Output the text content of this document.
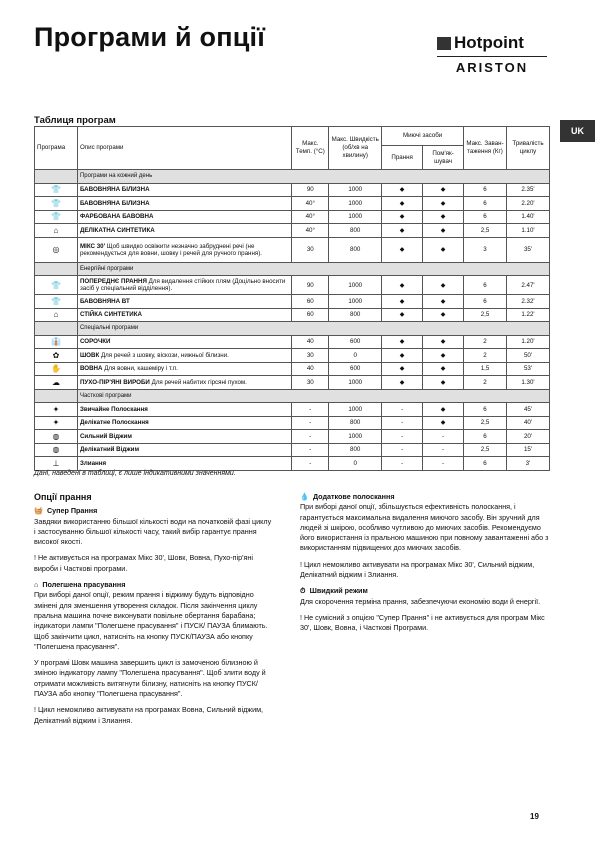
Програми й опції	Hotpoint
ARISTON
UK
Таблиця програм
Програма	Опис програми	Макс. Темп. (°C)	Макс. Швидкість (об/хв на хвилину)	Миючі засоби		Макс. Заван-таження (Кг)	Тривалість циклу
				Прання	Пом'як-шувач		
	Програми на кожний день						
👕	БАВОВНЯНА БІЛИЗНА	90	1000	◆	◆	6	2.35'
👕	БАВОВНЯНА БІЛИЗНА	40°	1000	◆	◆	6	2.20'
👕	ФАРБОВАНА БАВОВНА	40°	1000	◆	◆	6	1.40'
⌂	ДЕЛІКАТНА СИНТЕТИКА	40°	800	◆	◆	2,5	1.10'
◎	МІКС 30' Щоб швидко освіжити незначно забруднені речі (не рекомендується для вовни, шовку і речей для ручного прання).	30	800	◆	◆	3	35'
	Енергійні програми						
👕	ПОПЕРЕДНЄ ПРАННЯ Для видалення стійких плям (Доцільно вносити засіб у спеціальний відділення).	90	1000	◆	◆	6	2.47'
👕	БАВОВНЯНА ВТ	60	1000	◆	◆	6	2.32'
⌂	СТІЙКА СИНТЕТИКА	60	800	◆	◆	2,5	1.22'
	Спеціальні програми						
👔	СОРОЧКИ	40	600	◆	◆	2	1.20'
✿	ШОВК Для речей з шовку, віскози, нижньої білизни.	30	0	◆	◆	2	50'
✋	ВОВНА Для вовни, кашеміру і т.п.	40	600	◆	◆	1,5	53'
☁	ПУХО-ПІР'ЯНІ ВИРОБИ Для речей набитих гірсяні пухом.	30	1000	◆	◆	2	1.30'
	Часткові програми						
✦	Звичайне Полоскання	-	1000	-	◆	6	45'
✦	Делікатне Полоскання	-	800	-	◆	2,5	40'
◍	Сильний Віджим	-	1000	-	-	6	20'
◍	Делікатний Віджим	-	800	-	-	2,5	15'
⊥	Злиання	-	0	-	-	6	3'
Дані, наведені в таблиці, є лише індикативними значеннями.
Опції прання
🧺 Супер Прання

Завдяки використанню більшої кількості води на початковій фазі циклу і застосуванню більшої кількості часу, такий вибір гарантує прання високої якості.

! Не активується на програмах Мікс 30', Шовк, Вовна, Пухо-пір'яні вироби і Часткові програми.

⌂ Полегшена прасування

При виборі даної опції, режим прання і віджиму будуть відповідно змінені для зменшення утворення складок. Після закінчення циклу пральна машина почне виконувати повільне обертання барабана; індикатори лампи "Полегшене прасування" і ПУСК/ ПАУЗА блимають. Щоб закінчити цикл, натисніть на кнопку ПУСК/ПАУЗА або кнопку "Полегшена прасування".

У програмі Шовк машина завершить цикл із замоченою білизною й зміною індикатору лампу "Полегшена прасування". Щоб злити воду й отримати можливість витягнути білизну, натисніть на кнопку ПУСК/ПАУЗА або кнопку "Полегшена прасування".

! Цикл неможливо активувати на програмах Вовна, Сильний віджим, Делікатний віджим і Злиання.

💧 Додаткове полоскання

При виборі даної опції, збільшується ефективність полоскання, і гарантується максимальна видалення миючого засобу. Він зручний для людей зі шкірою, особливо чутливою до миючих засобів. Рекомендуємо його використання із пральною машиною при повному завантаженні або з використанням підвищених доз миючих засобів.

! Цикл неможливо активувати на програмах Мікс 30', Сильний віджим, Делікатний віджим і Злиання.

⏱ Швидкий режим

Для скорочення терміна прання, забезпечуючи економію води й енергії.

! Не сумісний з опцією "Супер Прання" і не активується для програм Мікс 30', Шовк, Вовна, і Часткові Програми.

19
